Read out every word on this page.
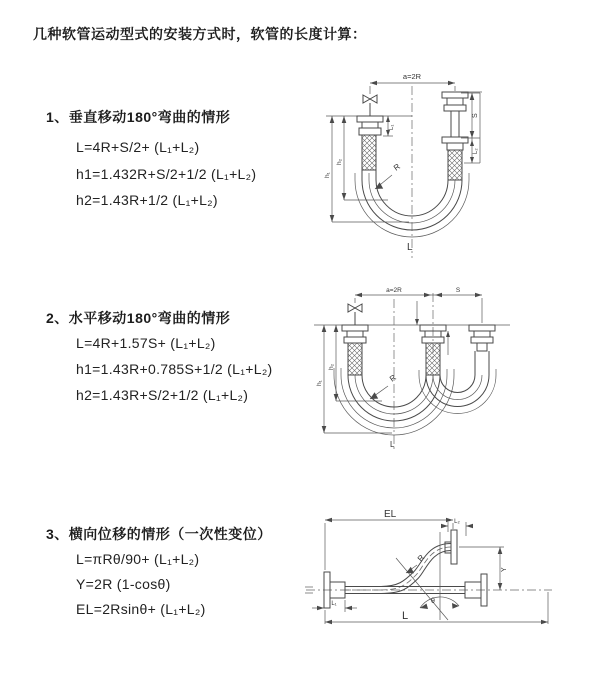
几种软管运动型式的安装方式时，软管的长度计算：
1、垂直移动180°弯曲的情形
L=4R+S/2+ (L₁+L₂)
h1=1.432R+S/2+1/2 (L₁+L₂)
h2=1.43R+1/2 (L₁+L₂)
2、水平移动180°弯曲的情形
L=4R+1.57S+ (L₁+L₂)
h1=1.43R+0.785S+1/2 (L₁+L₂)
h2=1.43R+S/2+1/2 (L₁+L₂)
3、横向位移的情形（一次性变位）
L=πRθ/90+ (L₁+L₂)
Y=2R (1-cosθ)
EL=2Rsinθ+ (L₁+L₂)
a=2R
R
L
h₁
h₂
L₁
S
L₂
a=2R	S
h₁
h₂
R
L
EL
L₂
L₁
L
Y
θ
R
